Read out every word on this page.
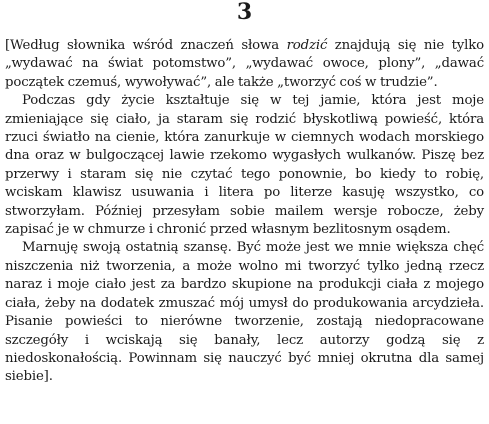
3

[Według słownika wśród znaczeń słowa rodzić znajdują się nie tylko „wydawać na świat potomstwo”, „wydawać owoce, plony”, „dawać początek czemuś, wywoływać”, ale także „tworzyć coś w trudzie”.

Podczas gdy życie kształtuje się w tej jamie, która jest moje zmieniające się ciało, ja staram się rodzić błyskotliwą powieść, która rzuci światło na cienie, która zanurkuje w ciemnych wodach morskiego dna oraz w bulgoczącej lawie rzekomo wygasłych wulkanów. Piszę bez przerwy i staram się nie czytać tego ponownie, bo kiedy to robię, wciskam klawisz usuwania i litera po literze kasuję wszystko, co stworzyłam. Później przesyłam sobie mailem wersje robocze, żeby zapisać je w chmurze i chronić przed własnym bezlitosnym osądem.

Marnuję swoją ostatnią szansę. Być może jest we mnie większa chęć niszczenia niż tworzenia, a może wolno mi tworzyć tylko jedną rzecz naraz i moje ciało jest za bardzo skupione na produkcji ciała z mojego ciała, żeby na dodatek zmuszać mój umysł do produkowania arcydzieła. Pisanie powieści to nierówne tworzenie, zostają niedopracowane szczegóły i wciskają się banały, lecz autorzy godzą się z niedoskonałością. Powinnam się nauczyć być mniej okrutna dla samej siebie].
